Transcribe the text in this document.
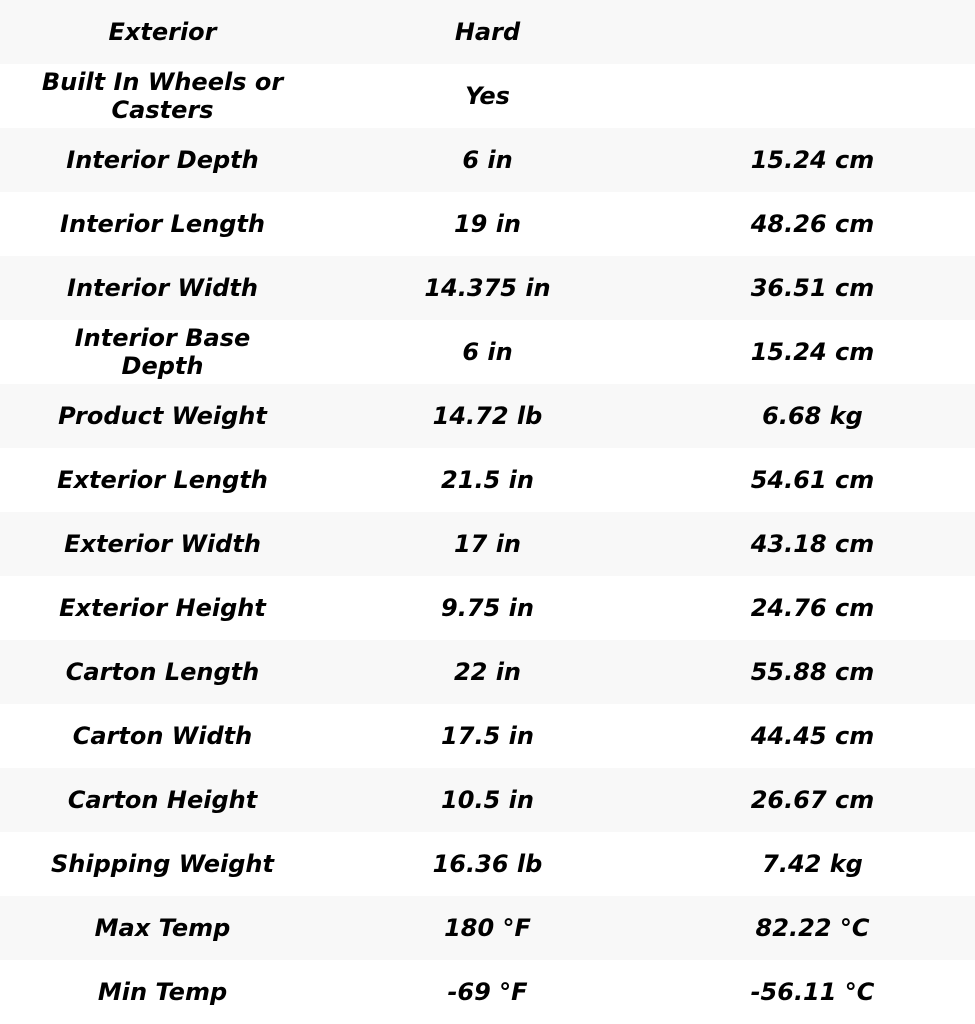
Exterior	Hard
Built In Wheels or Casters	Yes
Interior Depth	6 in	15.24 cm
Interior Length	19 in	48.26 cm
Interior Width	14.375 in	36.51 cm
Interior Base Depth	6 in	15.24 cm
Product Weight	14.72 lb	6.68 kg
Exterior Length	21.5 in	54.61 cm
Exterior Width	17 in	43.18 cm
Exterior Height	9.75 in	24.76 cm
Carton Length	22 in	55.88 cm
Carton Width	17.5 in	44.45 cm
Carton Height	10.5 in	26.67 cm
Shipping Weight	16.36 lb	7.42 kg
Max Temp	180 °F	82.22 °C
Min Temp	-69 °F	-56.11 °C
